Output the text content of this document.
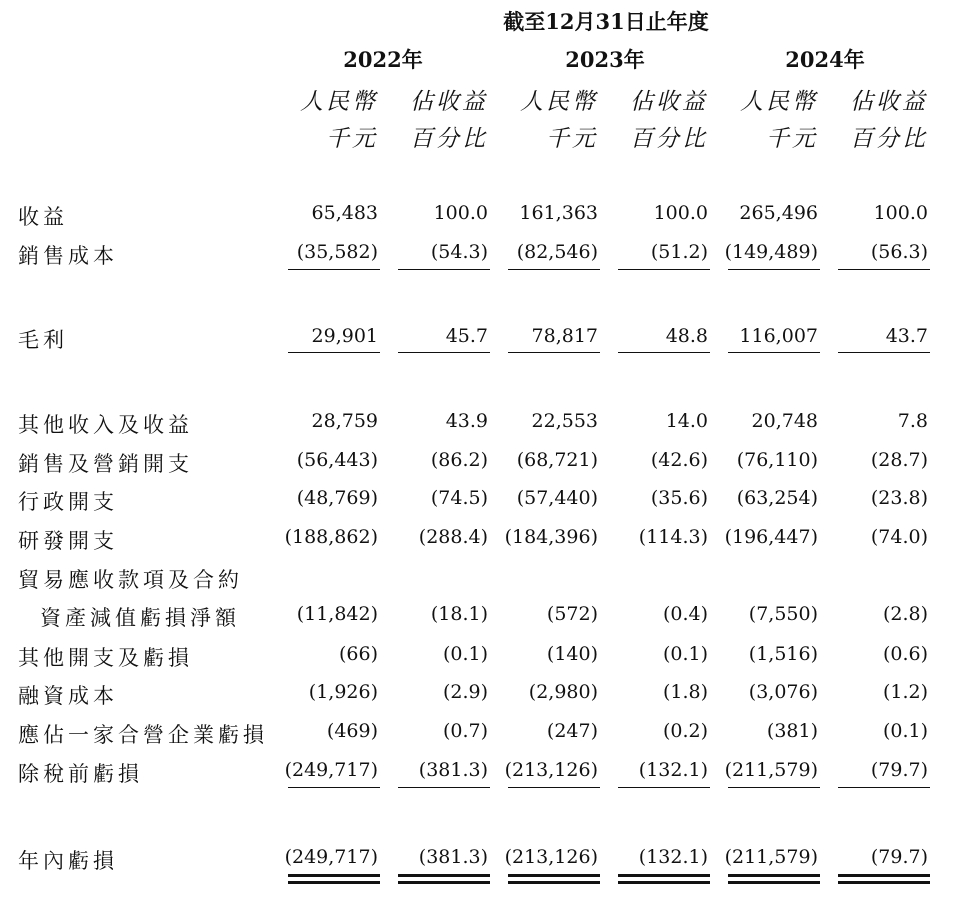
截至12月31日止年度
2022年	2023年	2024年
人民幣 佔收益 人民幣 佔收益 人民幣 佔收益
千元 百分比	千元 百分比	千元 百分比
收益	65,483	100.0 161,363	100.0 265,496	100.0
銷售成本	(35,582)	(54.3) (82,546)	(51.2) (149,489)	(56.3)
毛利	29,901	45.7 78,817	48.8 116,007	43.7
其他收入及收益	28,759	43.9 22,553	14.0 20,748	7.8
銷售及營銷開支	(56,443)	(86.2) (68,721)	(42.6) (76,110)	(28.7)
行政開支	(48,769)	(74.5) (57,440)	(35.6) (63,254)	(23.8)
研發開支	(188,862) (288.4) (184,396) (114.3) (196,447)	(74.0)
貿易應收款項及合約
資產減值虧損淨額	(11,842)	(18.1)	(572)	(0.4) (7,550)	(2.8)
其他開支及虧損	(66)	(0.1)	(140)	(0.1) (1,516)	(0.6)
融資成本	(1,926)	(2.9) (2,980)	(1.8) (3,076)	(1.2)
應佔一家合營企業虧損	(469)	(0.7)	(247)	(0.2)	(381)	(0.1)
除稅前虧損	(249,717) (381.3) (213,126) (132.1) (211,579)	(79.7)
年內虧損	(249,717) (381.3) (213,126) (132.1) (211,579)	(79.7)
